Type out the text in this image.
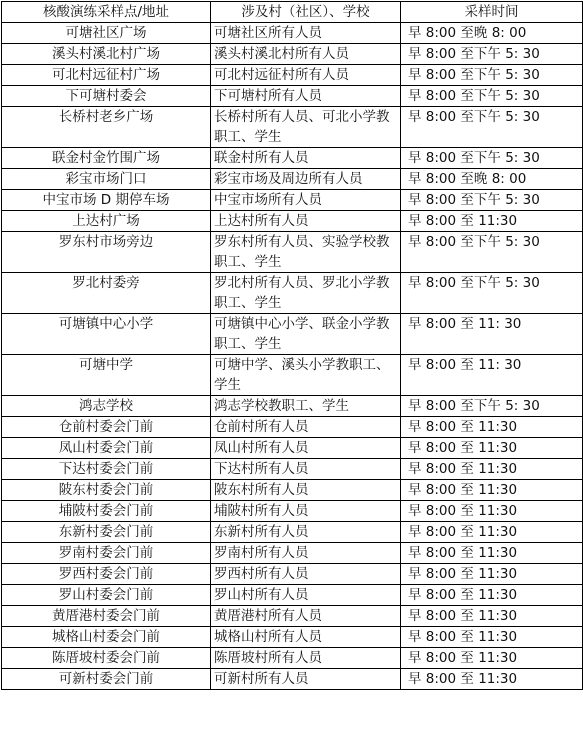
核酸演练采样点/地址	涉及村（社区）、学校	采样时间
可塘社区广场	可塘社区所有人员	早 8:00 至晚 8: 00
溪头村溪北村广场	溪头村溪北村所有人员	早 8:00 至下午 5: 30
可北村远征村广场	可北村远征村所有人员	早 8:00 至下午 5: 30
下可塘村委会	下可塘村所有人员	早 8:00 至下午 5: 30
长桥村老乡广场	长桥村所有人员、可北小学教职工、学生	早 8:00 至下午 5: 30
联金村金竹围广场	联金村所有人员	早 8:00 至下午 5: 30
彩宝市场门口	彩宝市场及周边所有人员	早 8:00 至晚 8: 00
中宝市场 D 期停车场	中宝市场所有人员	早 8:00 至下午 5: 30
上达村广场	上达村所有人员	早 8:00 至 11:30
罗东村市场旁边	罗东村所有人员、实验学校教职工、学生	早 8:00 至下午 5: 30
罗北村委旁	罗北村所有人员、罗北小学教职工、学生	早 8:00 至下午 5: 30
可塘镇中心小学	可塘镇中心小学、联金小学教职工、学生	早 8:00 至 11: 30
可塘中学	可塘中学、溪头小学教职工、学生	早 8:00 至 11: 30
鸿志学校	鸿志学校教职工、学生	早 8:00 至下午 5: 30
仓前村委会门前	仓前村所有人员	早 8:00 至 11:30
凤山村委会门前	凤山村所有人员	早 8:00 至 11:30
下达村委会门前	下达村所有人员	早 8:00 至 11:30
陂东村委会门前	陂东村所有人员	早 8:00 至 11:30
埔陂村委会门前	埔陂村所有人员	早 8:00 至 11:30
东新村委会门前	东新村所有人员	早 8:00 至 11:30
罗南村委会门前	罗南村所有人员	早 8:00 至 11:30
罗西村委会门前	罗西村所有人员	早 8:00 至 11:30
罗山村委会门前	罗山村所有人员	早 8:00 至 11:30
黄厝港村委会门前	黄厝港村所有人员	早 8:00 至 11:30
城格山村委会门前	城格山村所有人员	早 8:00 至 11:30
陈厝坡村委会门前	陈厝坡村所有人员	早 8:00 至 11:30
可新村委会门前	可新村所有人员	早 8:00 至 11:30
